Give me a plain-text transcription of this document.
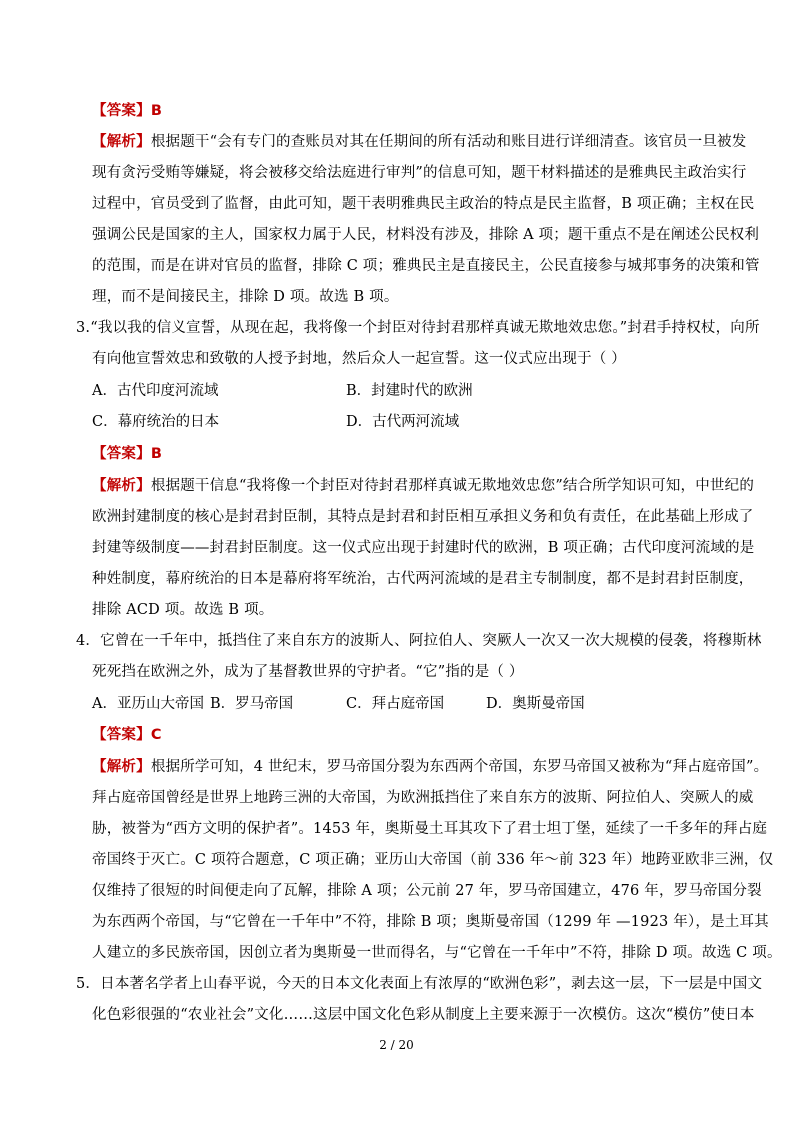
【答案】B
【解析】根据题干“会有专门的查账员对其在任期间的所有活动和账目进行详细清查。该官员一旦被发
现有贪污受贿等嫌疑，将会被移交给法庭进行审判”的信息可知，题干材料描述的是雅典民主政治实行
过程中，官员受到了监督，由此可知，题干表明雅典民主政治的特点是民主监督，B 项正确；主权在民
强调公民是国家的主人，国家权力属于人民，材料没有涉及，排除 A 项；题干重点不是在阐述公民权利
的范围，而是在讲对官员的监督，排除 C 项；雅典民主是直接民主，公民直接参与城邦事务的决策和管
理，而不是间接民主，排除 D 项。故选 B 项。
3.“我以我的信义宣誓，从现在起，我将像一个封臣对待封君那样真诚无欺地效忠您。”封君手持权杖，向所
有向他宣誓效忠和致敬的人授予封地，然后众人一起宣誓。这一仪式应出现于（ ）
A．古代印度河流域	B．封建时代的欧洲
C．幕府统治的日本	D．古代两河流域
【答案】B
【解析】根据题干信息“我将像一个封臣对待封君那样真诚无欺地效忠您”结合所学知识可知，中世纪的
欧洲封建制度的核心是封君封臣制，其特点是封君和封臣相互承担义务和负有责任，在此基础上形成了
封建等级制度——封君封臣制度。这一仪式应出现于封建时代的欧洲，B 项正确；古代印度河流域的是
种姓制度，幕府统治的日本是幕府将军统治，古代两河流域的是君主专制制度，都不是封君封臣制度，
排除 ACD 项。故选 B 项。
4．它曾在一千年中，抵挡住了来自东方的波斯人、阿拉伯人、突厥人一次又一次大规模的侵袭，将穆斯林
死死挡在欧洲之外，成为了基督教世界的守护者。“它”指的是（ ）
A．亚历山大帝国 B．罗马帝国	C．拜占庭帝国	D．奥斯曼帝国
【答案】C
【解析】根据所学可知，4 世纪末，罗马帝国分裂为东西两个帝国，东罗马帝国又被称为“拜占庭帝国”。
拜占庭帝国曾经是世界上地跨三洲的大帝国，为欧洲抵挡住了来自东方的波斯、阿拉伯人、突厥人的威
胁，被誉为“西方文明的保护者”。1453 年，奥斯曼土耳其攻下了君士坦丁堡，延续了一千多年的拜占庭
帝国终于灭亡。C 项符合题意，C 项正确；亚历山大帝国（前 336 年～前 323 年）地跨亚欧非三洲，仅
仅维持了很短的时间便走向了瓦解，排除 A 项；公元前 27 年，罗马帝国建立，476 年，罗马帝国分裂
为东西两个帝国，与“它曾在一千年中”不符，排除 B 项；奥斯曼帝国（1299 年 —1923 年），是土耳其
人建立的多民族帝国，因创立者为奥斯曼一世而得名，与“它曾在一千年中”不符，排除 D 项。故选 C 项。
5．日本著名学者上山春平说，今天的日本文化表面上有浓厚的“欧洲色彩”，剥去这一层，下一层是中国文
化色彩很强的“农业社会”文化……这层中国文化色彩从制度上主要来源于一次模仿。这次“模仿”使日本
2 / 20
